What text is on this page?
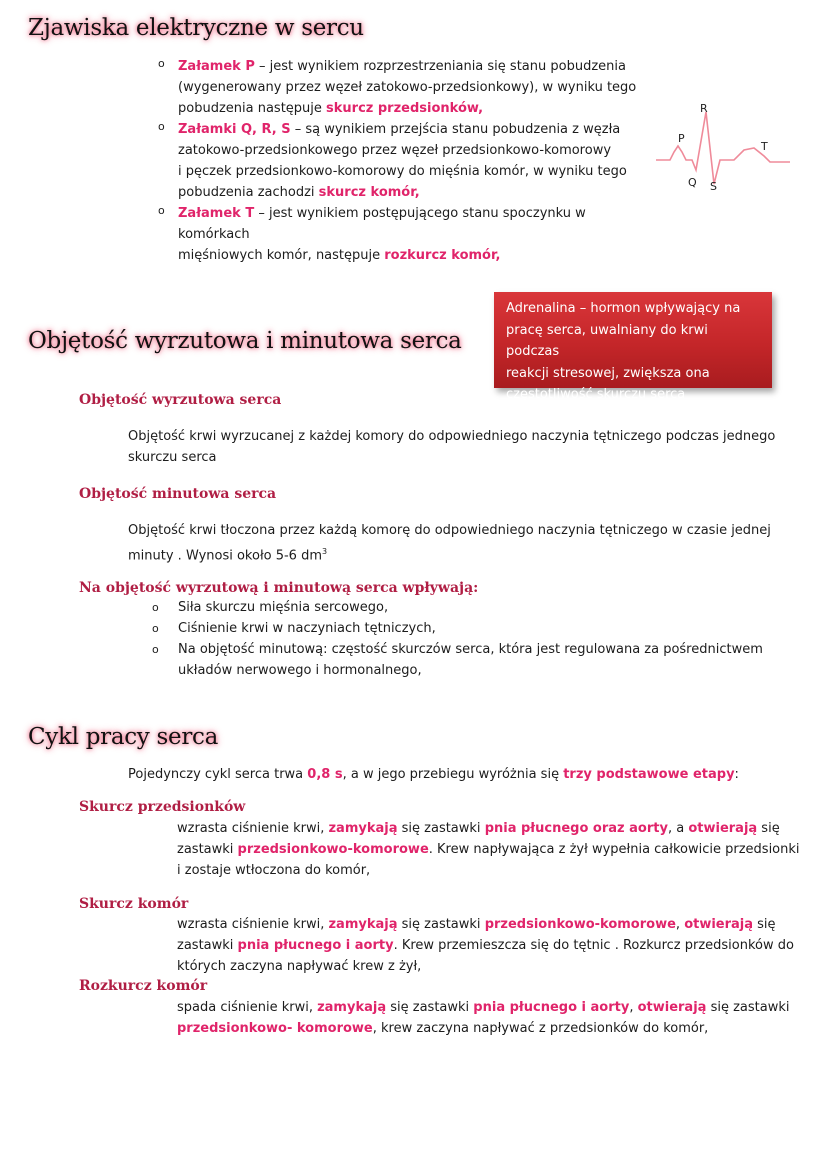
Zjawiska elektryczne w sercu
o Załamek P – jest wynikiem rozprzestrzeniania się stanu pobudzenia
(wygenerowany przez węzeł zatokowo-przedsionkowy), w wyniku tego
pobudzenia następuje skurcz przedsionków,
o Załamki Q, R, S – są wynikiem przejścia stanu pobudzenia z węzła
zatokowo-przedsionkowego przez węzeł przedsionkowo-komorowy
i pęczek przedsionkowo-komorowy do mięśnia komór, w wyniku tego
pobudzenia zachodzi skurcz komór,
o Załamek T – jest wynikiem postępującego stanu spoczynku w komórkach
mięśniowych komór, następuje rozkurcz komór,
R
P
T
Q S
Adrenalina – hormon wpływający na
pracę serca, uwalniany do krwi podczas
reakcji stresowej, zwiększa ona
częstotliwość skurczu serca
Objętość wyrzutowa i minutowa serca
Objętość wyrzutowa serca
Objętość krwi wyrzucanej z każdej komory do odpowiedniego naczynia tętniczego podczas jednego
skurczu serca
Objętość minutowa serca
Objętość krwi tłoczona przez każdą komorę do odpowiedniego naczynia tętniczego w czasie jednej
minuty . Wynosi około 5-6 $dm^3$
Na objętość wyrzutową i minutową serca wpływają:
o Siła skurczu mięśnia sercowego,
o Ciśnienie krwi w naczyniach tętniczych,
o Na objętość minutową: częstość skurczów serca, która jest regulowana za pośrednictwem
układów nerwowego i hormonalnego,
Cykl pracy serca
Pojedynczy cykl serca trwa 0,8 s, a w jego przebiegu wyróżnia się trzy podstawowe etapy:
Skurcz przedsionków
wzrasta ciśnienie krwi, zamykają się zastawki pnia płucnego oraz aorty, a otwierają się
zastawki przedsionkowo-komorowe. Krew napływająca z żył wypełnia całkowicie przedsionki
i zostaje wtłoczona do komór,
Skurcz komór
wzrasta ciśnienie krwi, zamykają się zastawki przedsionkowo-komorowe, otwierają się
zastawki pnia płucnego i aorty. Krew przemieszcza się do tętnic . Rozkurcz przedsionków do
których zaczyna napływać krew z żył,
Rozkurcz komór
spada ciśnienie krwi, zamykają się zastawki pnia płucnego i aorty, otwierają się zastawki
przedsionkowo- komorowe, krew zaczyna napływać z przedsionków do komór,
